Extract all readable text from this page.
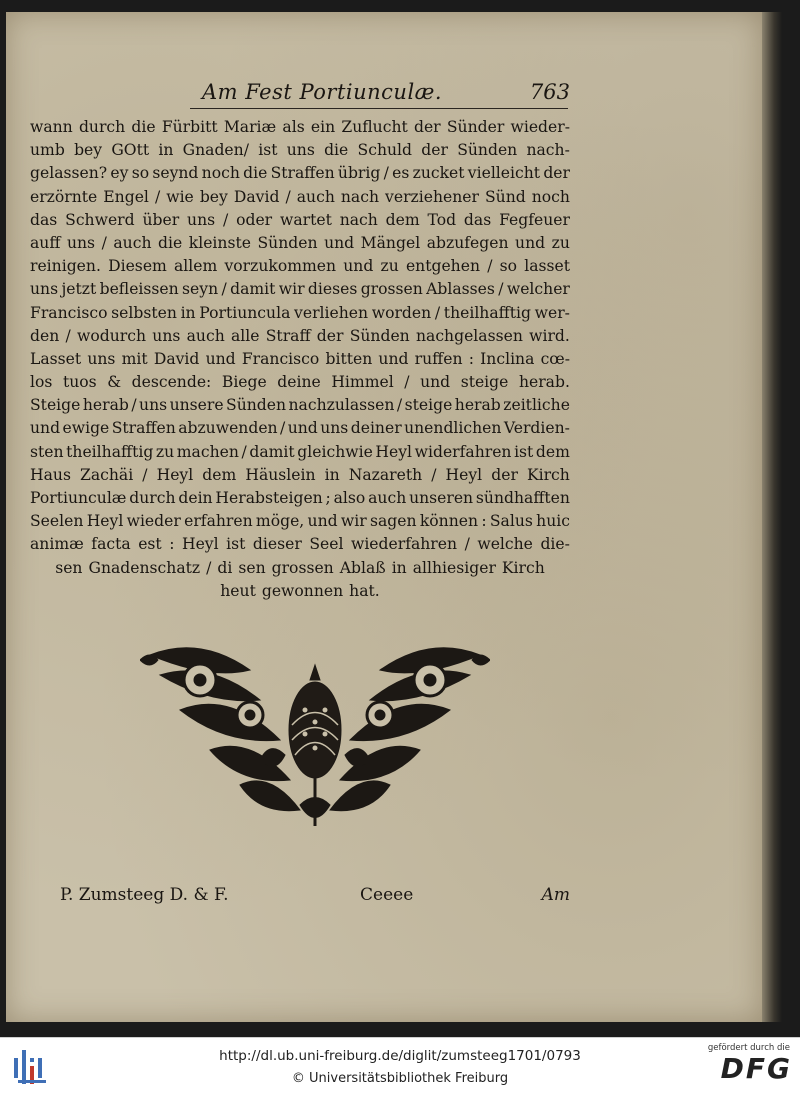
Am Fest Portiunculæ.	763
wann durch die Fürbitt Mariæ als ein Zuflucht der Sünder wieder-
umb bey GOtt in Gnaden/ ist uns die Schuld der Sünden nach-
gelassen? ey so seynd noch die Straffen übrig / es zucket vielleicht der
erzörnte Engel / wie bey David / auch nach verziehener Sünd noch
das Schwerd über uns / oder wartet nach dem Tod das Fegfeuer
auff uns / auch die kleinste Sünden und Mängel abzufegen und zu
reinigen. Diesem allem vorzukommen und zu entgehen / so lasset
uns jetzt befleissen seyn / damit wir dieses grossen Ablasses / welcher
Francisco selbsten in Portiuncula verliehen worden / theilhafftig wer-
den / wodurch uns auch alle Straff der Sünden nachgelassen wird.
Lasset uns mit David und Francisco bitten und ruffen : Inclina cœ-
los tuos & descende: Biege deine Himmel / und steige herab.
Steige herab / uns unsere Sünden nachzulassen / steige herab zeitliche
und ewige Straffen abzuwenden / und uns deiner unendlichen Verdien-
sten theilhafftig zu machen / damit gleichwie Heyl widerfahren ist dem
Haus Zachäi / Heyl dem Häuslein in Nazareth / Heyl der Kirch
Portiunculæ durch dein Herabsteigen ; also auch unseren sündhafften
Seelen Heyl wieder erfahren möge, und wir sagen können : Salus huic
animæ facta est : Heyl ist dieser Seel wiederfahren / welche die-
sen Gnadenschatz / di sen grossen Ablaß in allhiesiger Kirch
heut gewonnen hat.
P. Zumsteeg D. & F.	Ceeee	Am
http://dl.ub.uni-freiburg.de/diglit/zumsteeg1701/0793
© Universitätsbibliothek Freiburg
gefördert durch die
DFG
